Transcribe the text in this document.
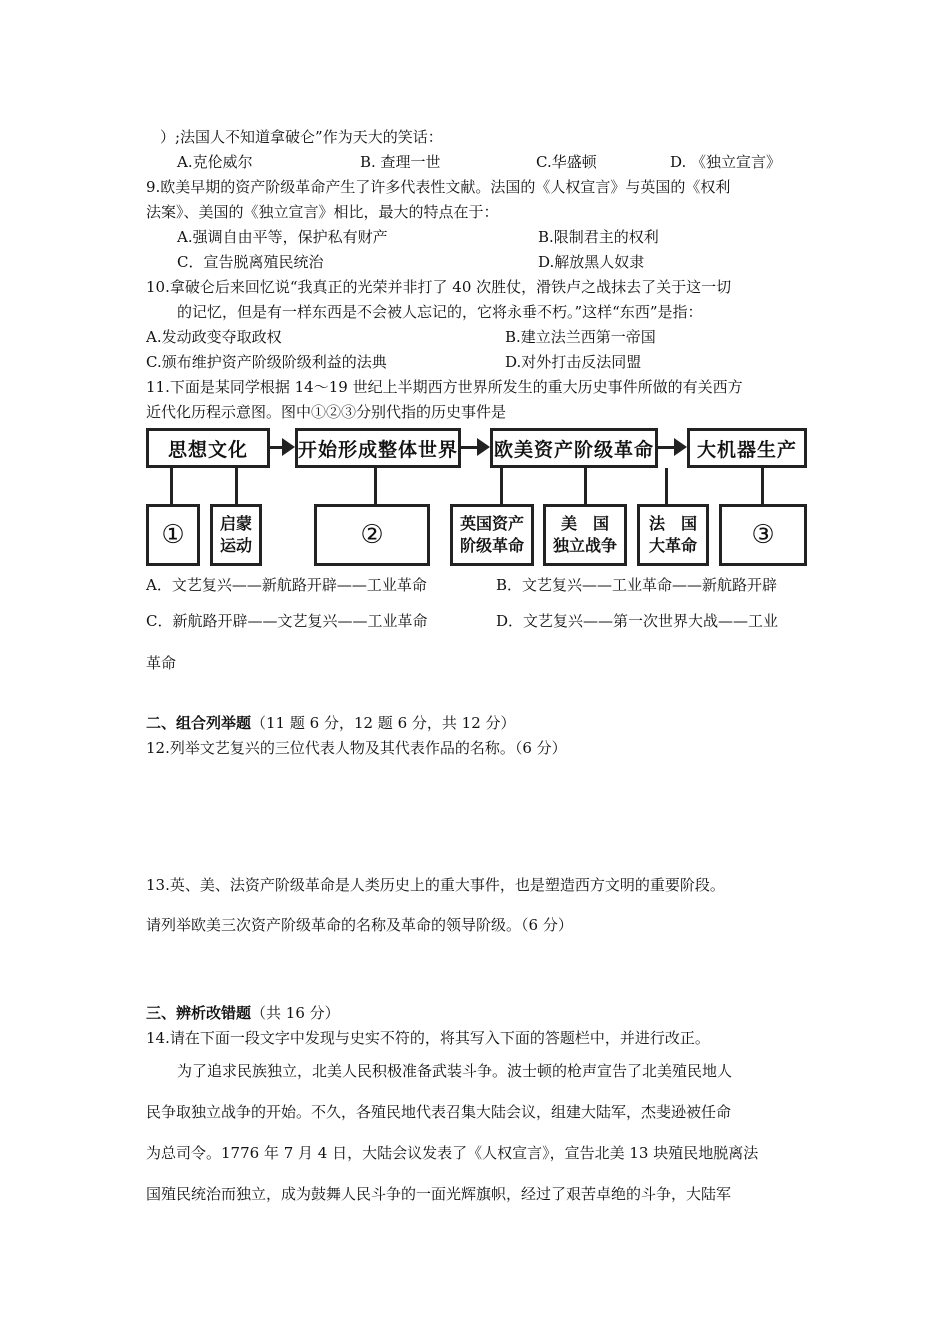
）;法国人不知道拿破仑”作为天大的笑话：
A.克伦威尔	B. 查理一世	C.华盛顿	D. 《独立宣言》
9.欧美早期的资产阶级革命产生了许多代表性文献。法国的《人权宣言》与英国的《权利
法案》、美国的《独立宣言》相比，最大的特点在于：
A.强调自由平等，保护私有财产	B.限制君主的权利
C．宣告脱离殖民统治	D.解放黑人奴隶
10.拿破仑后来回忆说“我真正的光荣并非打了 40 次胜仗，滑铁卢之战抹去了关于这一切
的记忆，但是有一样东西是不会被人忘记的，它将永垂不朽。”这样“东西”是指：
A.发动政变夺取政权	B.建立法兰西第一帝国
C.颁布维护资产阶级阶级利益的法典	D.对外打击反法同盟
11.下面是某同学根据 14～19 世纪上半期西方世界所发生的重大历史事件所做的有关西方
近代化历程示意图。图中①②③分别代指的历史事件是
思想文化	开始形成整体世界 欧美资产阶级革命	大机器生产
①	启蒙
运动	②	英国资产
阶级革命
美　国
独立战争
法　国
大革命	③
A．文艺复兴——新航路开辟——工业革命	B．文艺复兴——工业革命——新航路开辟
C．新航路开辟——文艺复兴——工业革命	D．文艺复兴——第一次世界大战——工业
革命
二、组合列举题（11 题 6 分，12 题 6 分，共 12 分）
12.列举文艺复兴的三位代表人物及其代表作品的名称。（6 分）
13.英、美、法资产阶级革命是人类历史上的重大事件，也是塑造西方文明的重要阶段。
请列举欧美三次资产阶级革命的名称及革命的领导阶级。（6 分）
三、辨析改错题（共 16 分）
14.请在下面一段文字中发现与史实不符的，将其写入下面的答题栏中，并进行改正。
为了追求民族独立，北美人民积极准备武装斗争。波士顿的枪声宣告了北美殖民地人
民争取独立战争的开始。不久，各殖民地代表召集大陆会议，组建大陆军，杰斐逊被任命
为总司令。1776 年 7 月 4 日，大陆会议发表了《人权宣言》，宣告北美 13 块殖民地脱离法
国殖民统治而独立，成为鼓舞人民斗争的一面光辉旗帜，经过了艰苦卓绝的斗争，大陆军
